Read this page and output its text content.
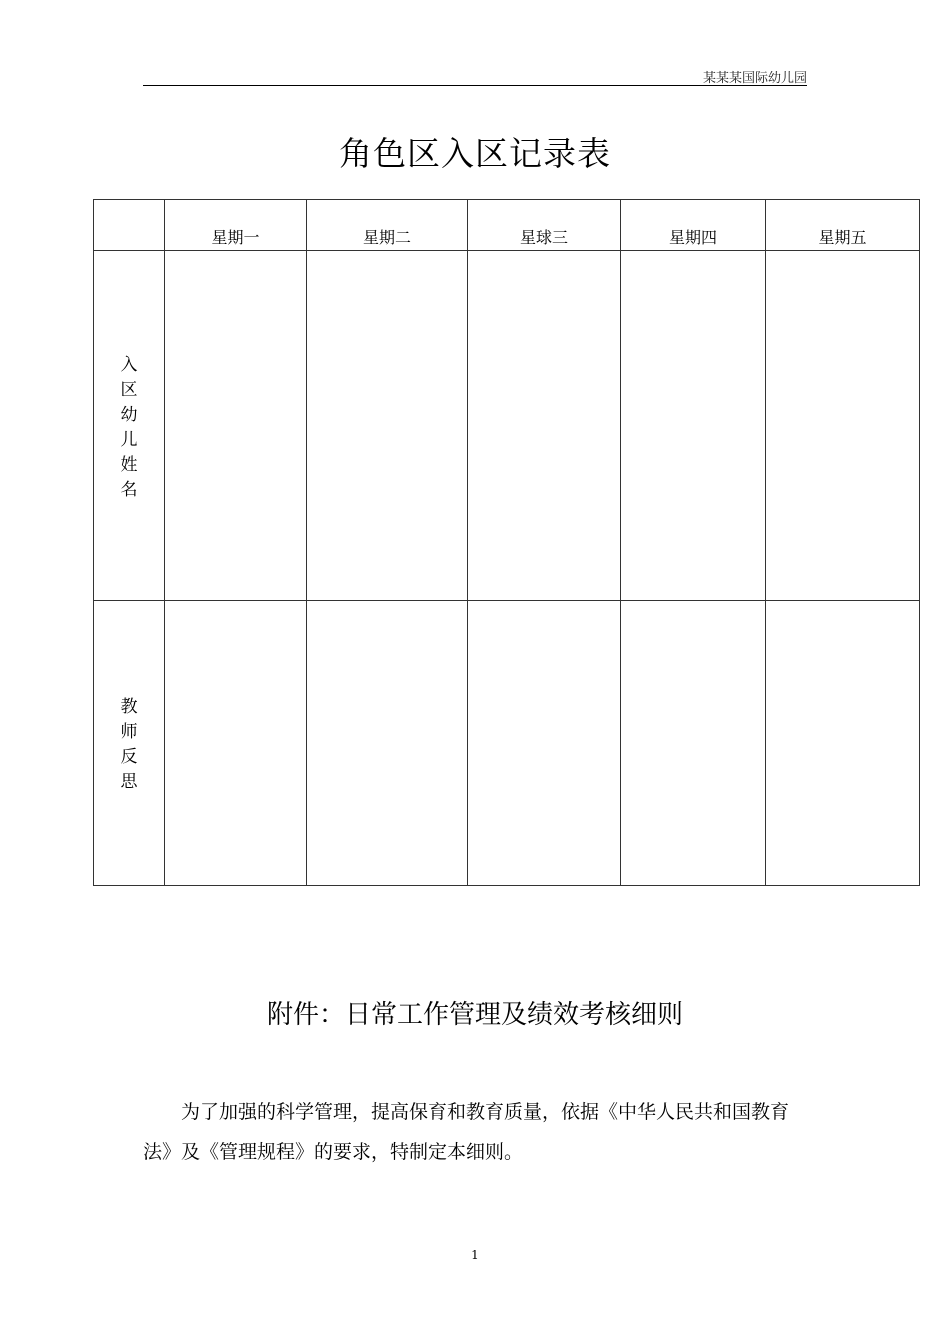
某某某国际幼儿园
角色区入区记录表
	星期一	星期二	星球三	星期四	星期五
入区幼儿姓名					
教师反思					
附件：日常工作管理及绩效考核细则

为了加强的科学管理，提高保育和教育质量，依据《中华人民共和国教育法》及《管理规程》的要求，特制定本细则。

1
